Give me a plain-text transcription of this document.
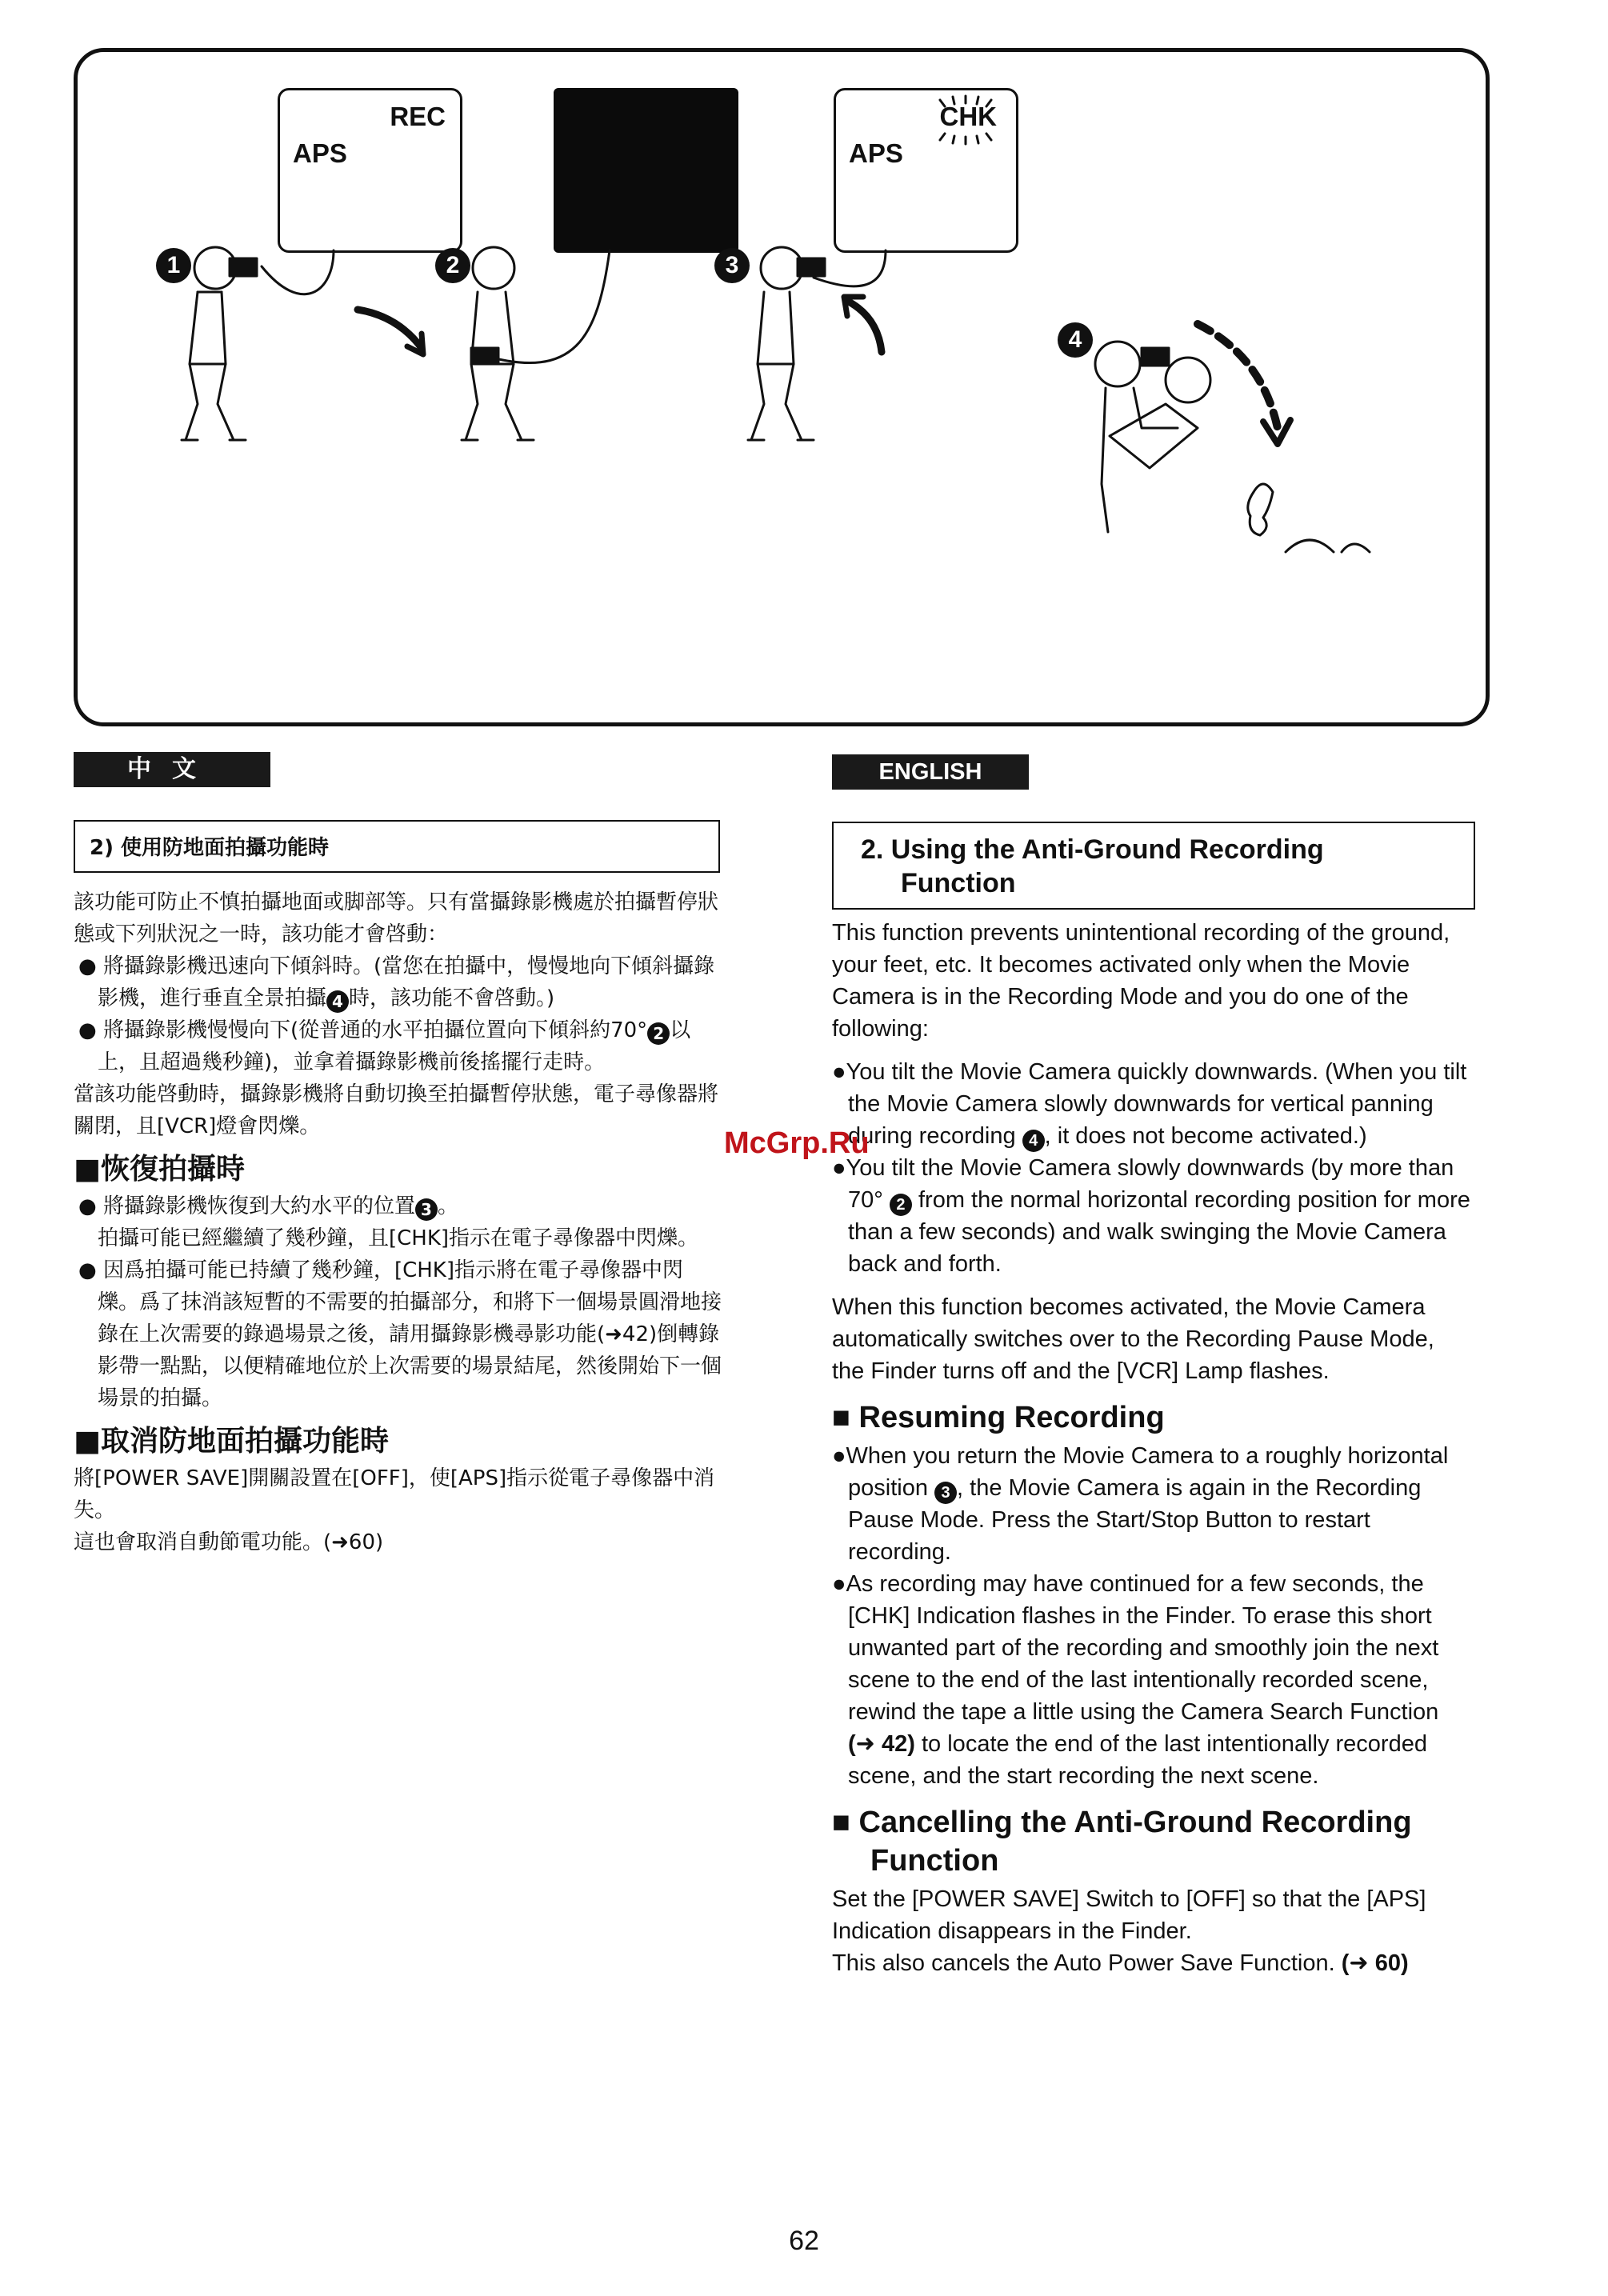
REC
APS
CHK
APS
1	2	3
4
中文	ENGLISH
2) 使用防地面拍攝功能時

該功能可防止不慎拍攝地面或脚部等。只有當攝錄影機處於拍攝暫停狀態或下列狀況之一時，該功能才會啓動：

● 將攝錄影機迅速向下傾斜時。(當您在拍攝中，慢慢地向下傾斜攝錄影機，進行垂直全景拍攝 4 時，該功能不會啓動。)

● 將攝錄影機慢慢向下(從普通的水平拍攝位置向下傾斜約70° 2 以上，且超過幾秒鐘)，並拿着攝錄影機前後搖擺行走時。

當該功能啓動時，攝錄影機將自動切換至拍攝暫停狀態，電子尋像器將關閉，且[VCR]燈會閃爍。

■恢復拍攝時

● 將攝錄影機恢復到大約水平的位置 3 。
拍攝可能已經繼續了幾秒鐘，且[CHK]指示在電子尋像器中閃爍。

● 因爲拍攝可能已持續了幾秒鐘，[CHK]指示將在電子尋像器中閃爍。爲了抹消該短暫的不需要的拍攝部分，和將下一個場景圓滑地接錄在上次需要的錄過場景之後，請用攝錄影機尋影功能(➜42)倒轉錄影帶一點點，以便精確地位於上次需要的場景結尾，然後開始下一個場景的拍攝。

■取消防地面拍攝功能時

將[POWER SAVE]開關設置在[OFF]，使[APS]指示從電子尋像器中消失。

這也會取消自動節電功能。(➜60)

2. Using the Anti-Ground Recording
Function

This function prevents unintentional recording of the ground, your feet, etc. It becomes activated only when the Movie Camera is in the Recording Mode and you do one of the following:

●You tilt the Movie Camera quickly downwards. (When you tilt the Movie Camera slowly downwards for vertical panning during recording 4 , it does not become activated.)

●You tilt the Movie Camera slowly downwards (by more than 70° 2 from the normal horizontal recording position for more than a few seconds) and walk swinging the Movie Camera back and forth.

When this function becomes activated, the Movie Camera automatically switches over to the Recording Pause Mode, the Finder turns off and the [VCR] Lamp flashes.

■ Resuming Recording

●When you return the Movie Camera to a roughly horizontal position 3 , the Movie Camera is again in the Recording Pause Mode. Press the Start/Stop Button to restart recording.

●As recording may have continued for a few seconds, the [CHK] Indication flashes in the Finder. To erase this short unwanted part of the recording and smoothly join the next scene to the end of the last intentionally recorded scene, rewind the tape a little using the Camera Search Function (➜ 42) to locate the end of the last intentionally recorded scene, and the start recording the next scene.

■ Cancelling the Anti-Ground Recording Function

Set the [POWER SAVE] Switch to [OFF] so that the [APS] Indication disappears in the Finder.

This also cancels the Auto Power Save Function. (➜ 60)

McGrp.Ru
62
